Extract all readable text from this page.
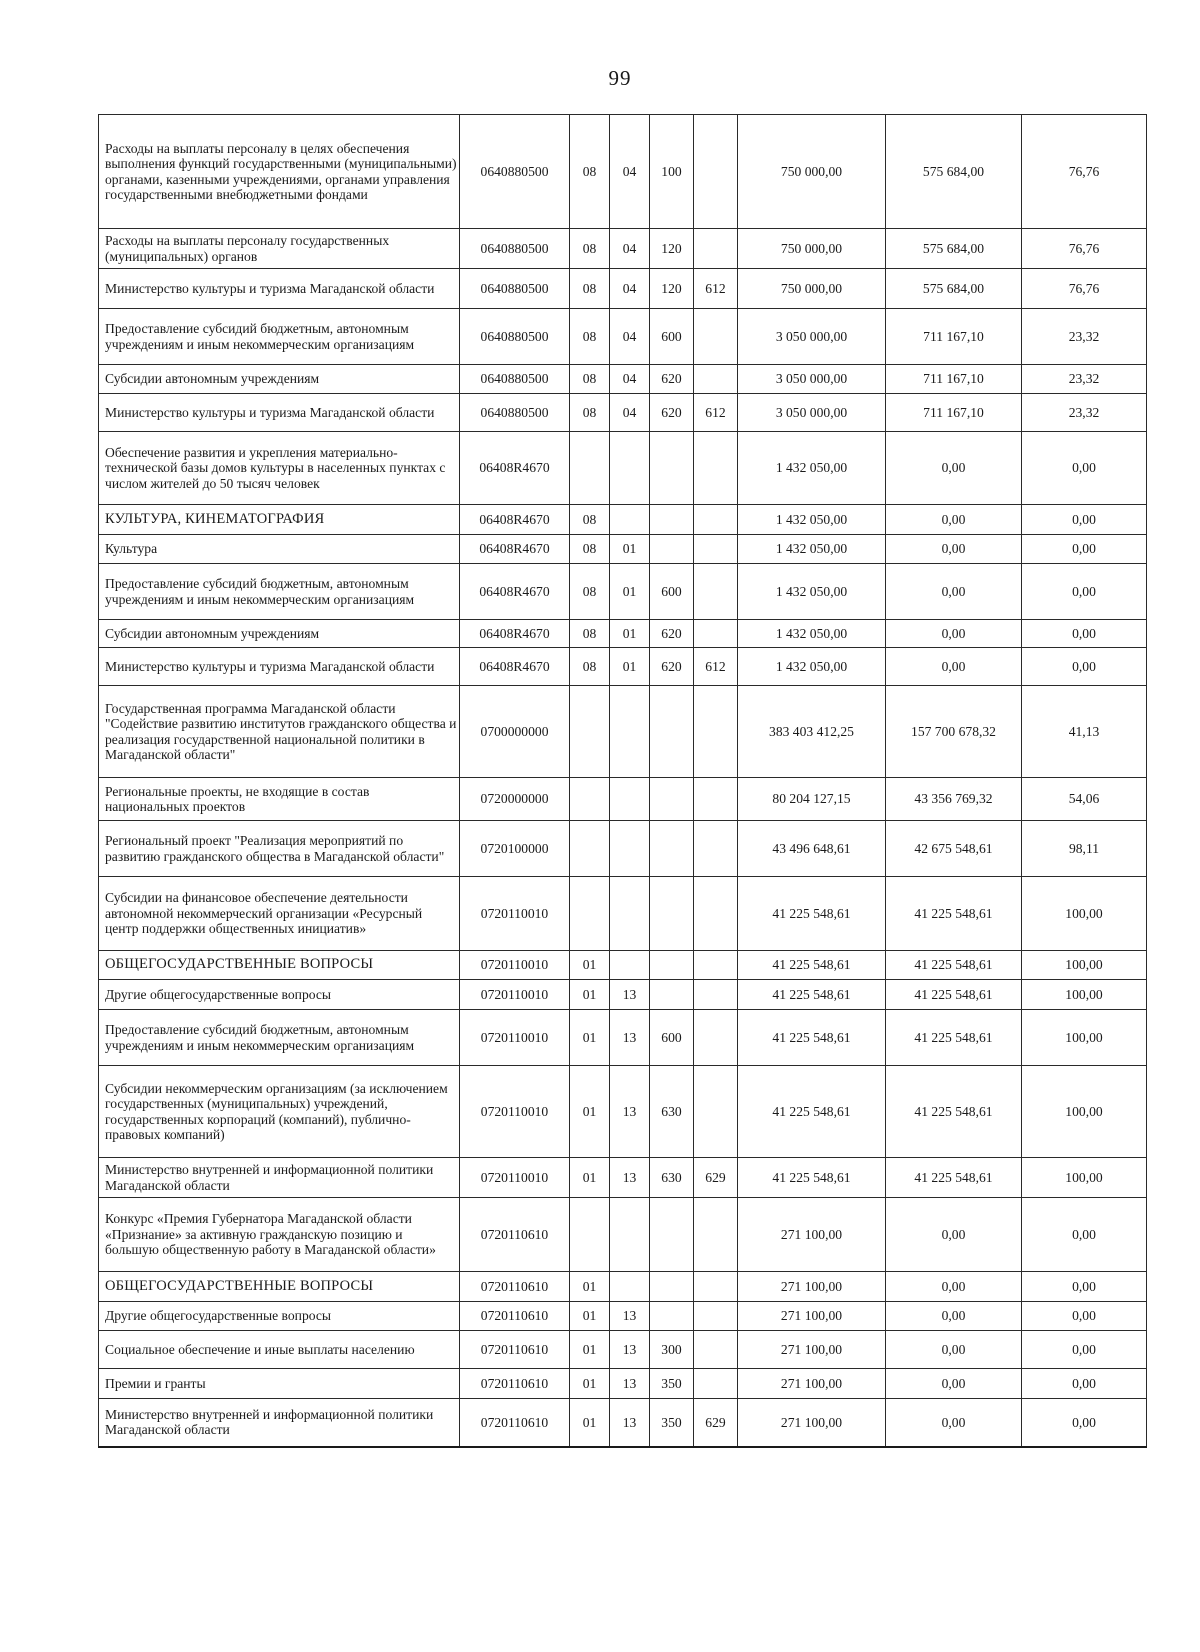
99
Расходы на выплаты персоналу в целях обеспечения выполнения функций государственными (муниципальными) органами, казенными учреждениями, органами управления государственными внебюджетными фондами	0640880500	08	04	100		750 000,00	575 684,00	76,76
Расходы на выплаты персоналу государственных (муниципальных) органов	0640880500	08	04	120		750 000,00	575 684,00	76,76
Министерство культуры и туризма Магаданской области	0640880500	08	04	120	612	750 000,00	575 684,00	76,76
Предоставление субсидий бюджетным, автономным учреждениям и иным некоммерческим организациям	0640880500	08	04	600		3 050 000,00	711 167,10	23,32
Субсидии автономным учреждениям	0640880500	08	04	620		3 050 000,00	711 167,10	23,32
Министерство культуры и туризма Магаданской области	0640880500	08	04	620	612	3 050 000,00	711 167,10	23,32
Обеспечение развития и укрепления материально-технической базы домов культуры в населенных пунктах с числом жителей до 50 тысяч человек	06408R4670					1 432 050,00	0,00	0,00
КУЛЬТУРА, КИНЕМАТОГРАФИЯ	06408R4670	08				1 432 050,00	0,00	0,00
Культура	06408R4670	08	01			1 432 050,00	0,00	0,00
Предоставление субсидий бюджетным, автономным учреждениям и иным некоммерческим организациям	06408R4670	08	01	600		1 432 050,00	0,00	0,00
Субсидии автономным учреждениям	06408R4670	08	01	620		1 432 050,00	0,00	0,00
Министерство культуры и туризма Магаданской области	06408R4670	08	01	620	612	1 432 050,00	0,00	0,00
Государственная программа Магаданской области "Содействие развитию институтов гражданского общества и реализация государственной национальной политики в Магаданской области"	0700000000					383 403 412,25	157 700 678,32	41,13
Региональные проекты, не входящие в состав национальных проектов	0720000000					80 204 127,15	43 356 769,32	54,06
Региональный проект "Реализация мероприятий по развитию гражданского общества в Магаданской области"	0720100000					43 496 648,61	42 675 548,61	98,11
Субсидии на финансовое обеспечение деятельности автономной некоммерческий организации «Ресурсный центр поддержки общественных инициатив»	0720110010					41 225 548,61	41 225 548,61	100,00
ОБЩЕГОСУДАРСТВЕННЫЕ ВОПРОСЫ	0720110010	01				41 225 548,61	41 225 548,61	100,00
Другие общегосударственные вопросы	0720110010	01	13			41 225 548,61	41 225 548,61	100,00
Предоставление субсидий бюджетным, автономным учреждениям и иным некоммерческим организациям	0720110010	01	13	600		41 225 548,61	41 225 548,61	100,00
Субсидии некоммерческим организациям (за исключением государственных (муниципальных) учреждений, государственных корпораций (компаний), публично-правовых компаний)	0720110010	01	13	630		41 225 548,61	41 225 548,61	100,00
Министерство внутренней и информационной политики Магаданской области	0720110010	01	13	630	629	41 225 548,61	41 225 548,61	100,00
Конкурс «Премия Губернатора Магаданской области «Признание» за активную гражданскую позицию и большую общественную работу в Магаданской области»	0720110610					271 100,00	0,00	0,00
ОБЩЕГОСУДАРСТВЕННЫЕ ВОПРОСЫ	0720110610	01				271 100,00	0,00	0,00
Другие общегосударственные вопросы	0720110610	01	13			271 100,00	0,00	0,00
Социальное обеспечение и иные выплаты населению	0720110610	01	13	300		271 100,00	0,00	0,00
Премии и гранты	0720110610	01	13	350		271 100,00	0,00	0,00
Министерство внутренней и информационной политики Магаданской области	0720110610	01	13	350	629	271 100,00	0,00	0,00
